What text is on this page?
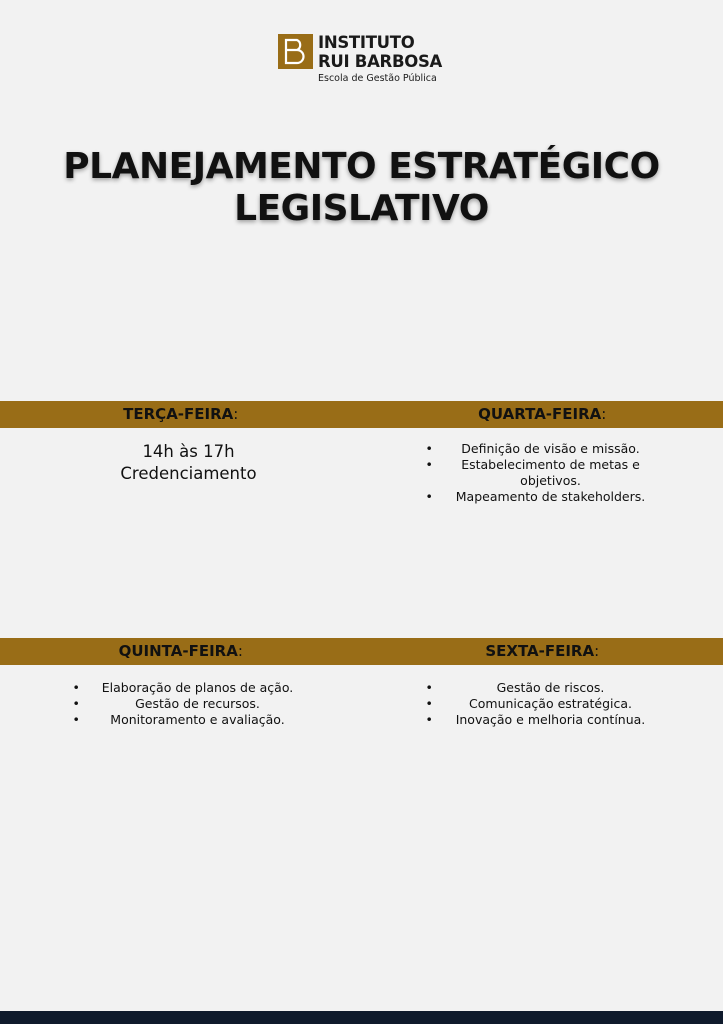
INSTITUTO
RUI BARBOSA
Escola de Gestão Pública
PLANEJAMENTO ESTRATÉGICO
LEGISLATIVO
TERÇA-FEIRA:	QUARTA-FEIRA:
14h às 17h
Credenciamento
• Definição de visão e missão.
• Estabelecimento de metas e objetivos.
• Mapeamento de stakeholders.
QUINTA-FEIRA:	SEXTA-FEIRA:
• Elaboração de planos de ação.
• Gestão de recursos.
• Monitoramento e avaliação.
• Gestão de riscos.
• Comunicação estratégica.
• Inovação e melhoria contínua.
